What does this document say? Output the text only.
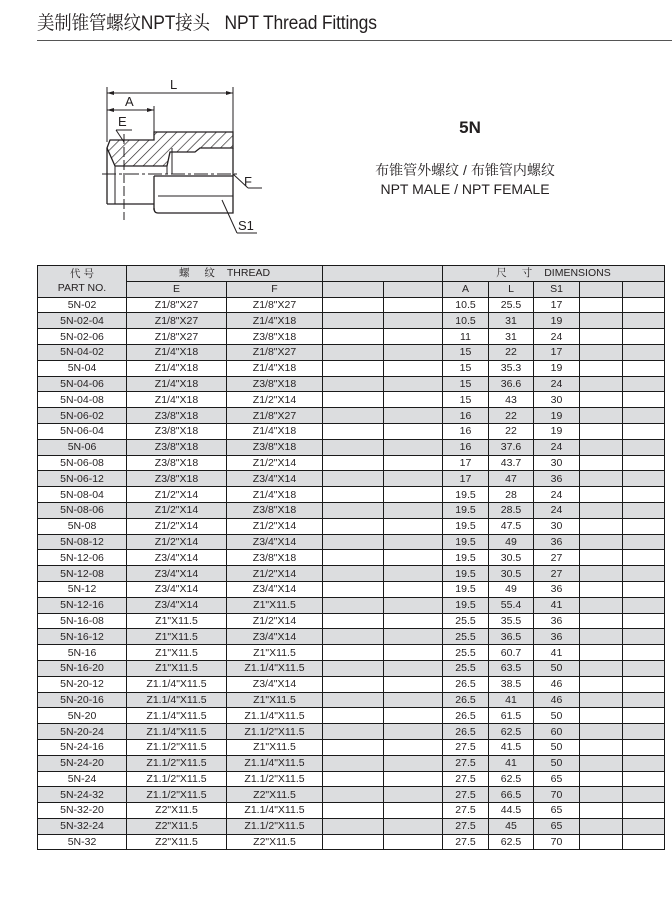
美制锥管螺纹NPT接头 NPT Thread Fittings
L
A
E
F
S1
5N
布锥管外螺纹 / 布锥管内螺纹
NPT MALE / NPT FEMALE
代 号
PART NO.	螺 纹 THREAD				尺 寸 DIMENSIONS				
	E	F			A	L	S1		
5N-02	Z1/8"X27	Z1/8"X27			10.5	25.5	17		
5N-02-04	Z1/8"X27	Z1/4"X18			10.5	31	19		
5N-02-06	Z1/8"X27	Z3/8"X18			11	31	24		
5N-04-02	Z1/4"X18	Z1/8"X27			15	22	17		
5N-04	Z1/4"X18	Z1/4"X18			15	35.3	19		
5N-04-06	Z1/4"X18	Z3/8"X18			15	36.6	24		
5N-04-08	Z1/4"X18	Z1/2"X14			15	43	30		
5N-06-02	Z3/8"X18	Z1/8"X27			16	22	19		
5N-06-04	Z3/8"X18	Z1/4"X18			16	22	19		
5N-06	Z3/8"X18	Z3/8"X18			16	37.6	24		
5N-06-08	Z3/8"X18	Z1/2"X14			17	43.7	30		
5N-06-12	Z3/8"X18	Z3/4"X14			17	47	36		
5N-08-04	Z1/2"X14	Z1/4"X18			19.5	28	24		
5N-08-06	Z1/2"X14	Z3/8"X18			19.5	28.5	24		
5N-08	Z1/2"X14	Z1/2"X14			19.5	47.5	30		
5N-08-12	Z1/2"X14	Z3/4"X14			19.5	49	36		
5N-12-06	Z3/4"X14	Z3/8"X18			19.5	30.5	27		
5N-12-08	Z3/4"X14	Z1/2"X14			19.5	30.5	27		
5N-12	Z3/4"X14	Z3/4"X14			19.5	49	36		
5N-12-16	Z3/4"X14	Z1"X11.5			19.5	55.4	41		
5N-16-08	Z1"X11.5	Z1/2"X14			25.5	35.5	36		
5N-16-12	Z1"X11.5	Z3/4"X14			25.5	36.5	36		
5N-16	Z1"X11.5	Z1"X11.5			25.5	60.7	41		
5N-16-20	Z1"X11.5	Z1.1/4"X11.5			25.5	63.5	50		
5N-20-12	Z1.1/4"X11.5	Z3/4"X14			26.5	38.5	46		
5N-20-16	Z1.1/4"X11.5	Z1"X11.5			26.5	41	46		
5N-20	Z1.1/4"X11.5	Z1.1/4"X11.5			26.5	61.5	50		
5N-20-24	Z1.1/4"X11.5	Z1.1/2"X11.5			26.5	62.5	60		
5N-24-16	Z1.1/2"X11.5	Z1"X11.5			27.5	41.5	50		
5N-24-20	Z1.1/2"X11.5	Z1.1/4"X11.5			27.5	41	50		
5N-24	Z1.1/2"X11.5	Z1.1/2"X11.5			27.5	62.5	65		
5N-24-32	Z1.1/2"X11.5	Z2"X11.5			27.5	66.5	70		
5N-32-20	Z2"X11.5	Z1.1/4"X11.5			27.5	44.5	65		
5N-32-24	Z2"X11.5	Z1.1/2"X11.5			27.5	45	65		
5N-32	Z2"X11.5	Z2"X11.5			27.5	62.5	70		
